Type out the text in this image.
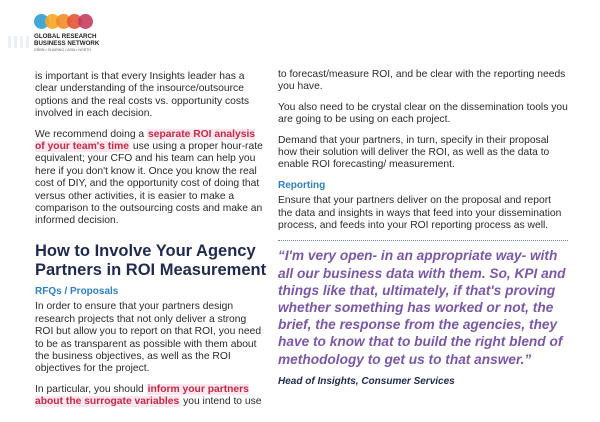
GLOBAL RESEARCH
BUSINESS NETWORK
GRBN • SHARING • ASIA • NORTH

is important is that every Insights leader has a clear understanding of the insource/outsource options and the real costs vs. opportunity costs involved in each decision.

We recommend doing a separate ROI analysis of your team's time use using a proper hour-rate equivalent; your CFO and his team can help you here if you don't know it. Once you know the real cost of DIY, and the opportunity cost of doing that versus other activities, it is easier to make a comparison to the outsourcing costs and make an informed decision.

How to Involve Your Agency Partners in ROI Measurement
RFQs / Proposals

In order to ensure that your partners design research projects that not only deliver a strong ROI but allow you to report on that ROI, you need to be as transparent as possible with them about the business objectives, as well as the ROI objectives for the project.

In particular, you should inform your partners about the surrogate variables you intend to use

to forecast/measure ROI, and be clear with the reporting needs you have.

You also need to be crystal clear on the dissemination tools you are going to be using on each project.

Demand that your partners, in turn, specify in their proposal how their solution will deliver the ROI, as well as the data to enable ROI forecasting/ measurement.

Reporting

Ensure that your partners deliver on the proposal and report the data and insights in ways that feed into your dissemination process, and feeds into your ROI reporting process as well.

“I'm very open- in an appropriate way- with all our business data with them. So, KPI and things like that, ultimately, if that's proving whether something has worked or not, the brief, the response from the agencies, they have to know that to build the right blend of methodology to get us to that answer.”

Head of Insights, Consumer Services
